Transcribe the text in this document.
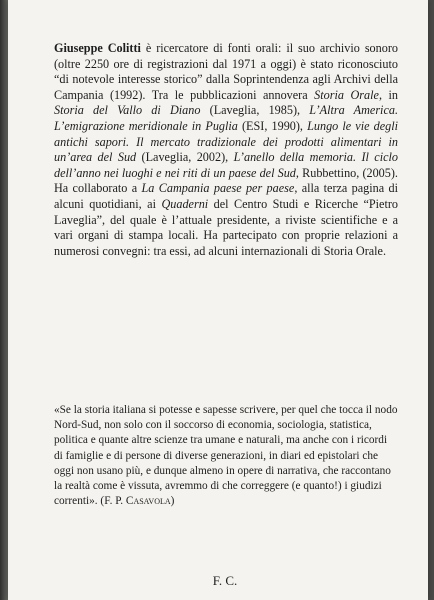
Giuseppe Colitti è ricercatore di fonti orali: il suo archivio sonoro (oltre 2250 ore di registrazioni dal 1971 a oggi) è stato riconosciuto “di notevole interesse storico” dalla Soprintendenza agli Archivi della Campania (1992). Tra le pubblicazioni annovera Storia Orale, in Storia del Vallo di Diano (Laveglia, 1985), L’Altra America. L’emigrazione meridionale in Puglia (ESI, 1990), Lungo le vie degli antichi sapori. Il mercato tradizionale dei prodotti alimentari in un’area del Sud (Laveglia, 2002), L’anello della memoria. Il ciclo dell’anno nei luoghi e nei riti di un paese del Sud, Rubbettino, (2005). Ha collaborato a La Campania paese per paese, alla terza pagina di alcuni quotidiani, ai Quaderni del Centro Studi e Ricerche “Pietro Laveglia”, del quale è l’attuale presidente, a riviste scientifiche e a vari organi di stampa locali. Ha partecipato con proprie relazioni a numerosi convegni: tra essi, ad alcuni internazionali di Storia Orale.

«Se la storia italiana si potesse e sapesse scrivere, per quel che tocca il nodo Nord-Sud, non solo con il soccorso di economia, sociologia, statistica, politica e quante altre scienze tra umane e naturali, ma anche con i ricordi di famiglie e di persone di diverse generazioni, in diari ed epistolari che oggi non usano più, e dunque almeno in opere di narrativa, che raccontano la realtà come è vissuta, avremmo di che correggere (e quanto!) i giudizi correnti». (F. P. Casavola)

F. C.
